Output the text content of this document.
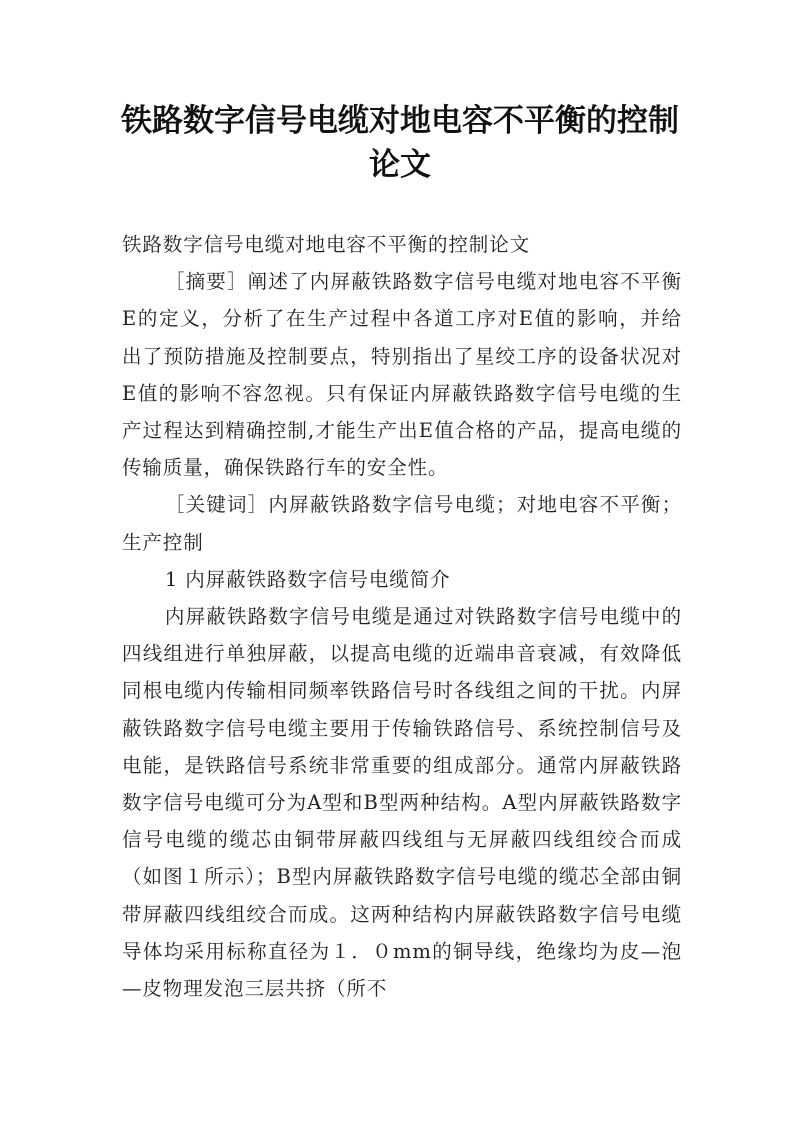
铁路数字信号电缆对地电容不平衡的控制
论文

铁路数字信号电缆对地电容不平衡的控制论文

［摘要］阐述了内屏蔽铁路数字信号电缆对地电容不平衡E的定义，分析了在生产过程中各道工序对E值的影响，并给出了预防措施及控制要点，特别指出了星绞工序的设备状况对E值的影响不容忽视。只有保证内屏蔽铁路数字信号电缆的生产过程达到精确控制,才能生产出E值合格的产品，提高电缆的传输质量，确保铁路行车的安全性。

［关键词］内屏蔽铁路数字信号电缆；对地电容不平衡；生产控制

1 内屏蔽铁路数字信号电缆简介

内屏蔽铁路数字信号电缆是通过对铁路数字信号电缆中的四线组进行单独屏蔽，以提高电缆的近端串音衰减，有效降低同根电缆内传输相同频率铁路信号时各线组之间的干扰。内屏蔽铁路数字信号电缆主要用于传输铁路信号、系统控制信号及电能，是铁路信号系统非常重要的组成部分。通常内屏蔽铁路数字信号电缆可分为A型和B型两种结构。A型内屏蔽铁路数字信号电缆的缆芯由铜带屏蔽四线组与无屏蔽四线组绞合而成（如图１所示）；B型内屏蔽铁路数字信号电缆的缆芯全部由铜带屏蔽四线组绞合而成。这两种结构内屏蔽铁路数字信号电缆导体均采用标称直径为１．０mm的铜导线，绝缘均为皮—泡—皮物理发泡三层共挤（所不
